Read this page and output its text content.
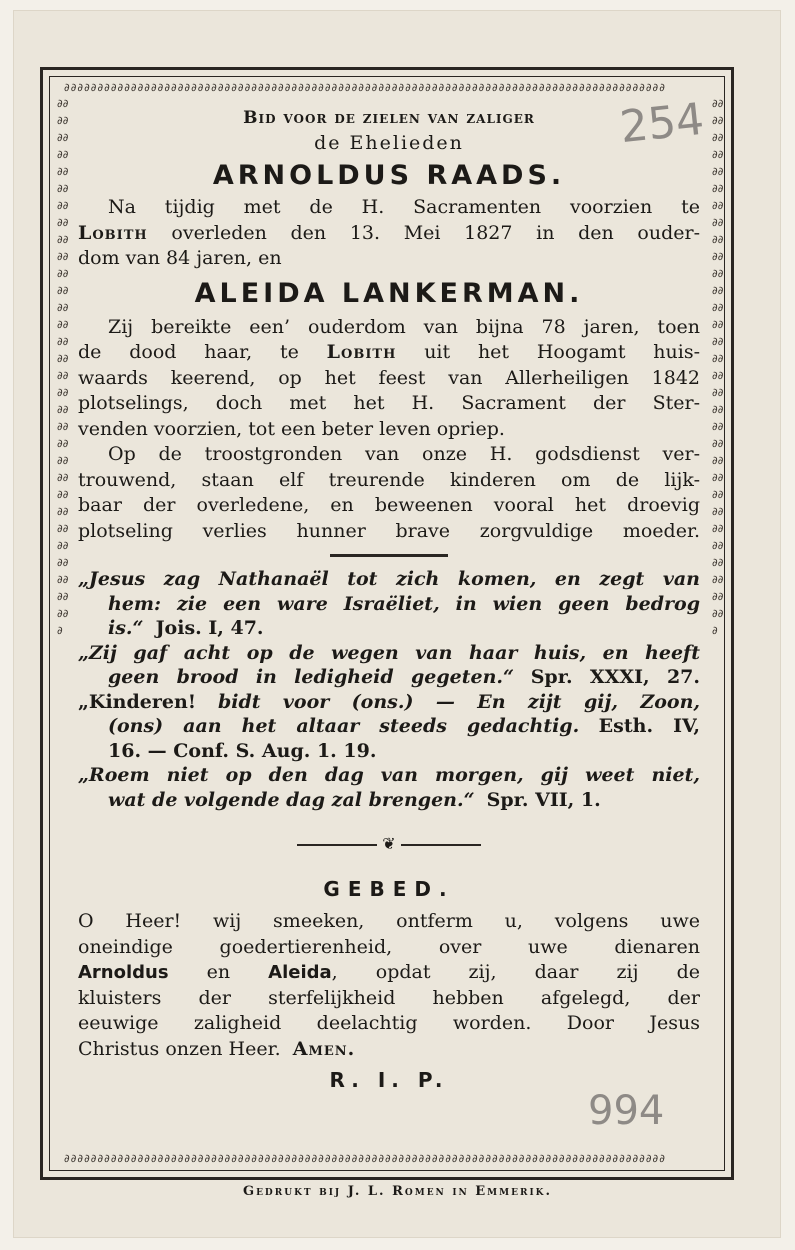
∂∂∂∂∂∂∂∂∂∂∂∂∂∂∂∂∂∂∂∂∂∂∂∂∂∂∂∂∂∂∂∂∂∂∂∂∂∂∂∂∂∂∂∂∂∂∂∂∂∂∂∂∂∂∂∂∂∂∂∂∂∂∂∂∂∂∂∂∂∂∂∂∂∂∂∂∂∂∂∂∂∂∂∂∂∂∂∂∂∂
∂∂∂∂∂∂∂∂∂∂∂∂∂∂∂∂∂∂∂∂∂∂∂∂∂∂∂∂∂∂∂∂∂∂∂∂∂∂∂∂∂∂∂∂∂∂∂∂∂∂∂∂∂∂∂∂∂∂∂∂∂∂∂∂∂∂∂∂∂∂∂∂∂∂∂∂∂∂∂∂∂∂∂∂∂∂∂∂∂∂
∂∂∂∂∂∂∂∂∂∂∂∂∂∂∂∂∂∂∂∂∂∂∂∂∂∂∂∂∂∂∂∂∂∂∂∂∂∂∂∂∂∂∂∂∂∂∂∂∂∂∂∂∂∂∂∂∂∂∂∂∂∂∂
∂∂∂∂∂∂∂∂∂∂∂∂∂∂∂∂∂∂∂∂∂∂∂∂∂∂∂∂∂∂∂∂∂∂∂∂∂∂∂∂∂∂∂∂∂∂∂∂∂∂∂∂∂∂∂∂∂∂∂∂∂∂∂
254
994

Bid voor de zielen van zaliger

de Ehelieden

ARNOLDUS RAADS.

Na tijdig met de H. Sacramenten voorzien te

Lobith overleden den 13. Mei 1827 in den ouder-

dom van 84 jaren, en

ALEIDA LANKERMAN.

Zij bereikte een’ ouderdom van bijna 78 jaren, toen

de dood haar, te Lobith uit het Hoogamt huis-

waards keerend, op het feest van Allerheiligen 1842

plotselings, doch met het H. Sacrament der Ster-

venden voorzien, tot een beter leven opriep.

Op de troostgronden van onze H. godsdienst ver-

trouwend, staan elf treurende kinderen om de lijk-

baar der overledene, en beweenen vooral het droevig

plotseling verlies hunner brave zorgvuldige moeder.

„Jesus zag Nathanaël tot zich komen, en zegt van

hem: zie een ware Israëliet, in wien geen bedrog

is.“ Jois. I, 47.

„Zij gaf acht op de wegen van haar huis, en heeft

geen brood in ledigheid gegeten.“ Spr. XXXI, 27.

„Kinderen! bidt voor (ons.) — En zijt gij, Zoon,

(ons) aan het altaar steeds gedachtig. Esth. IV,

16. — Conf. S. Aug. 1. 19.

„Roem niet op den dag van morgen, gij weet niet,

wat de volgende dag zal brengen.“ Spr. VII, 1.

❦

GEBED.

O Heer! wij smeeken, ontferm u, volgens uwe

oneindige goedertierenheid, over uwe dienaren

Arnoldus en Aleida, opdat zij, daar zij de

kluisters der sterfelijkheid hebben afgelegd, der

eeuwige zaligheid deelachtig worden. Door Jesus

Christus onzen Heer. Amen.

R. I. P.

Gedrukt bij J. L. Romen in Emmerik.
